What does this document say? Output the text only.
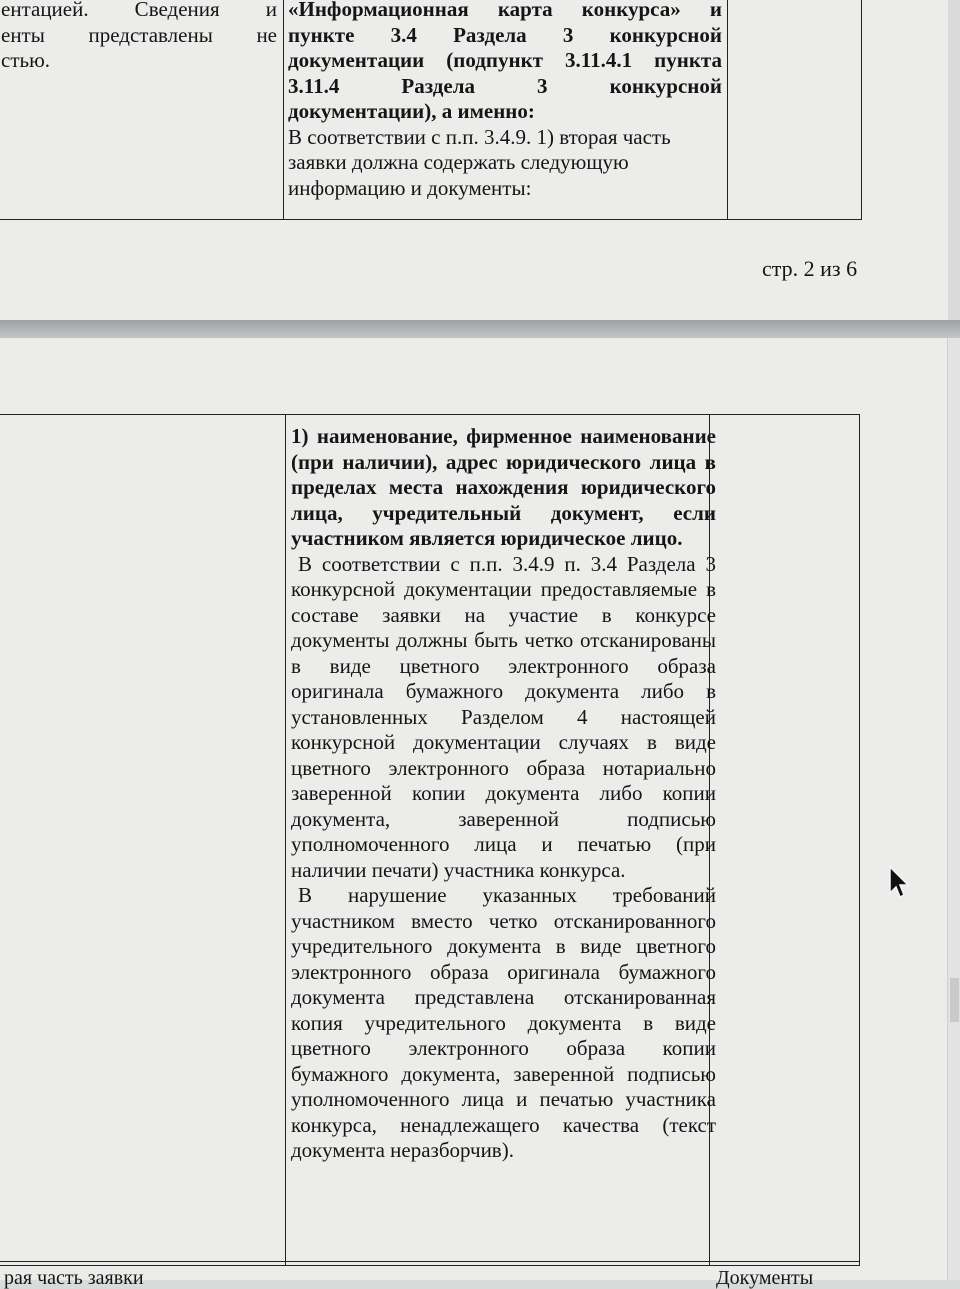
ентацией. Сведения и

енты представлены не

стью.

«Информационная карта конкурса» и

пункте 3.4 Раздела 3 конкурсной

документации (подпункт 3.11.4.1 пункта

3.11.4 Раздела 3 конкурсной

документации), а именно:

В соответствии с п.п. 3.4.9. 1) вторая часть

заявки должна содержать следующую

информацию и документы:

стр. 2 из 6

1) наименование, фирменное наименование (при наличии), адрес юридического лица в пределах места нахождения юридического лица, учредительный документ, если участником является юридическое лицо.

В соответствии с п.п. 3.4.9 п. 3.4 Раздела 3 конкурсной документации предоставляемые в составе заявки на участие в конкурсе документы должны быть четко отсканированы в виде цветного электронного образа оригинала бумажного документа либо в установленных Разделом 4 настоящей конкурсной документации случаях в виде цветного электронного образа нотариально заверенной копии документа либо копии документа, заверенной подписью уполномоченного лица и печатью (при наличии печати) участника конкурса.

В нарушение указанных требований участником вместо четко отсканированного учредительного документа в виде цветного электронного образа оригинала бумажного документа представлена отсканированная копия учредительного документа в виде цветного электронного образа копии бумажного документа, заверенной подписью уполномоченного лица и печатью участника конкурса, ненадлежащего качества (текст документа неразборчив).

рая часть заявки	Документы
